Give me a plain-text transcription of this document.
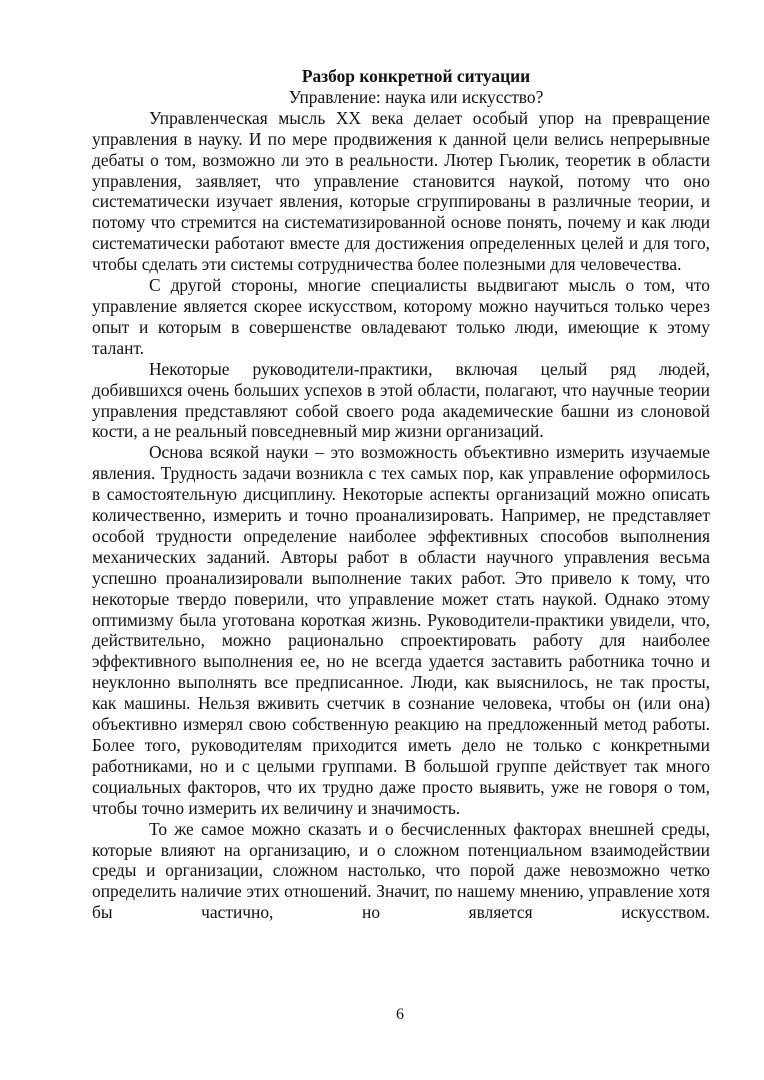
Разбор конкретной ситуации

Управление: наука или искусство?

Управленческая мысль XX века делает особый упор на превращение управления в науку. И по мере продвижения к данной цели велись непрерывные дебаты о том, возможно ли это в реальности. Лютер Гьюлик, теоретик в области управления, заявляет, что управление становится наукой, потому что оно систематически изучает явления, которые сгруппированы в различные теории, и потому что стремится на систематизированной основе понять, почему и как люди систематически работают вместе для достижения определенных целей и для того, чтобы сделать эти системы сотрудничества более полезными для человечества.

С другой стороны, многие специалисты выдвигают мысль о том, что управление является скорее искусством, которому можно научиться только через опыт и которым в совершенстве овладевают только люди, имеющие к этому талант.

Некоторые руководители-практики, включая целый ряд людей, добившихся очень больших успехов в этой области, полагают, что научные теории управления представляют собой своего рода академические башни из слоновой кости, а не реальный повседневный мир жизни организаций.

Основа всякой науки – это возможность объективно измерить изучаемые явления. Трудность задачи возникла с тех самых пор, как управление оформилось в самостоятельную дисциплину. Некоторые аспекты организаций можно описать количественно, измерить и точно проанализировать. Например, не представляет особой трудности определение наиболее эффективных способов выполнения механических заданий. Авторы работ в области научного управления весьма успешно проанализировали выполнение таких работ. Это привело к тому, что некоторые твердо поверили, что управление может стать наукой. Однако этому оптимизму была уготована короткая жизнь. Руководители-практики увидели, что, действительно, можно рационально спроектировать работу для наиболее эффективного выполнения ее, но не всегда удается заставить работника точно и неуклонно выполнять все предписанное. Люди, как выяснилось, не так просты, как машины. Нельзя вживить счетчик в сознание человека, чтобы он (или она) объективно измерял свою собственную реакцию на предложенный метод работы. Более того, руководителям приходится иметь дело не только с конкретными работниками, но и с целыми группами. В большой группе действует так много социальных факторов, что их трудно даже просто выявить, уже не говоря о том, чтобы точно измерить их величину и значимость.

То же самое можно сказать и о бесчисленных факторах внешней среды, которые влияют на организацию, и о сложном потенциальном взаимодействии среды и организации, сложном настолько, что порой даже невозможно четко определить наличие этих отношений. Значит, по нашему мнению, управление хотя бы частично, но является искусством.

6
